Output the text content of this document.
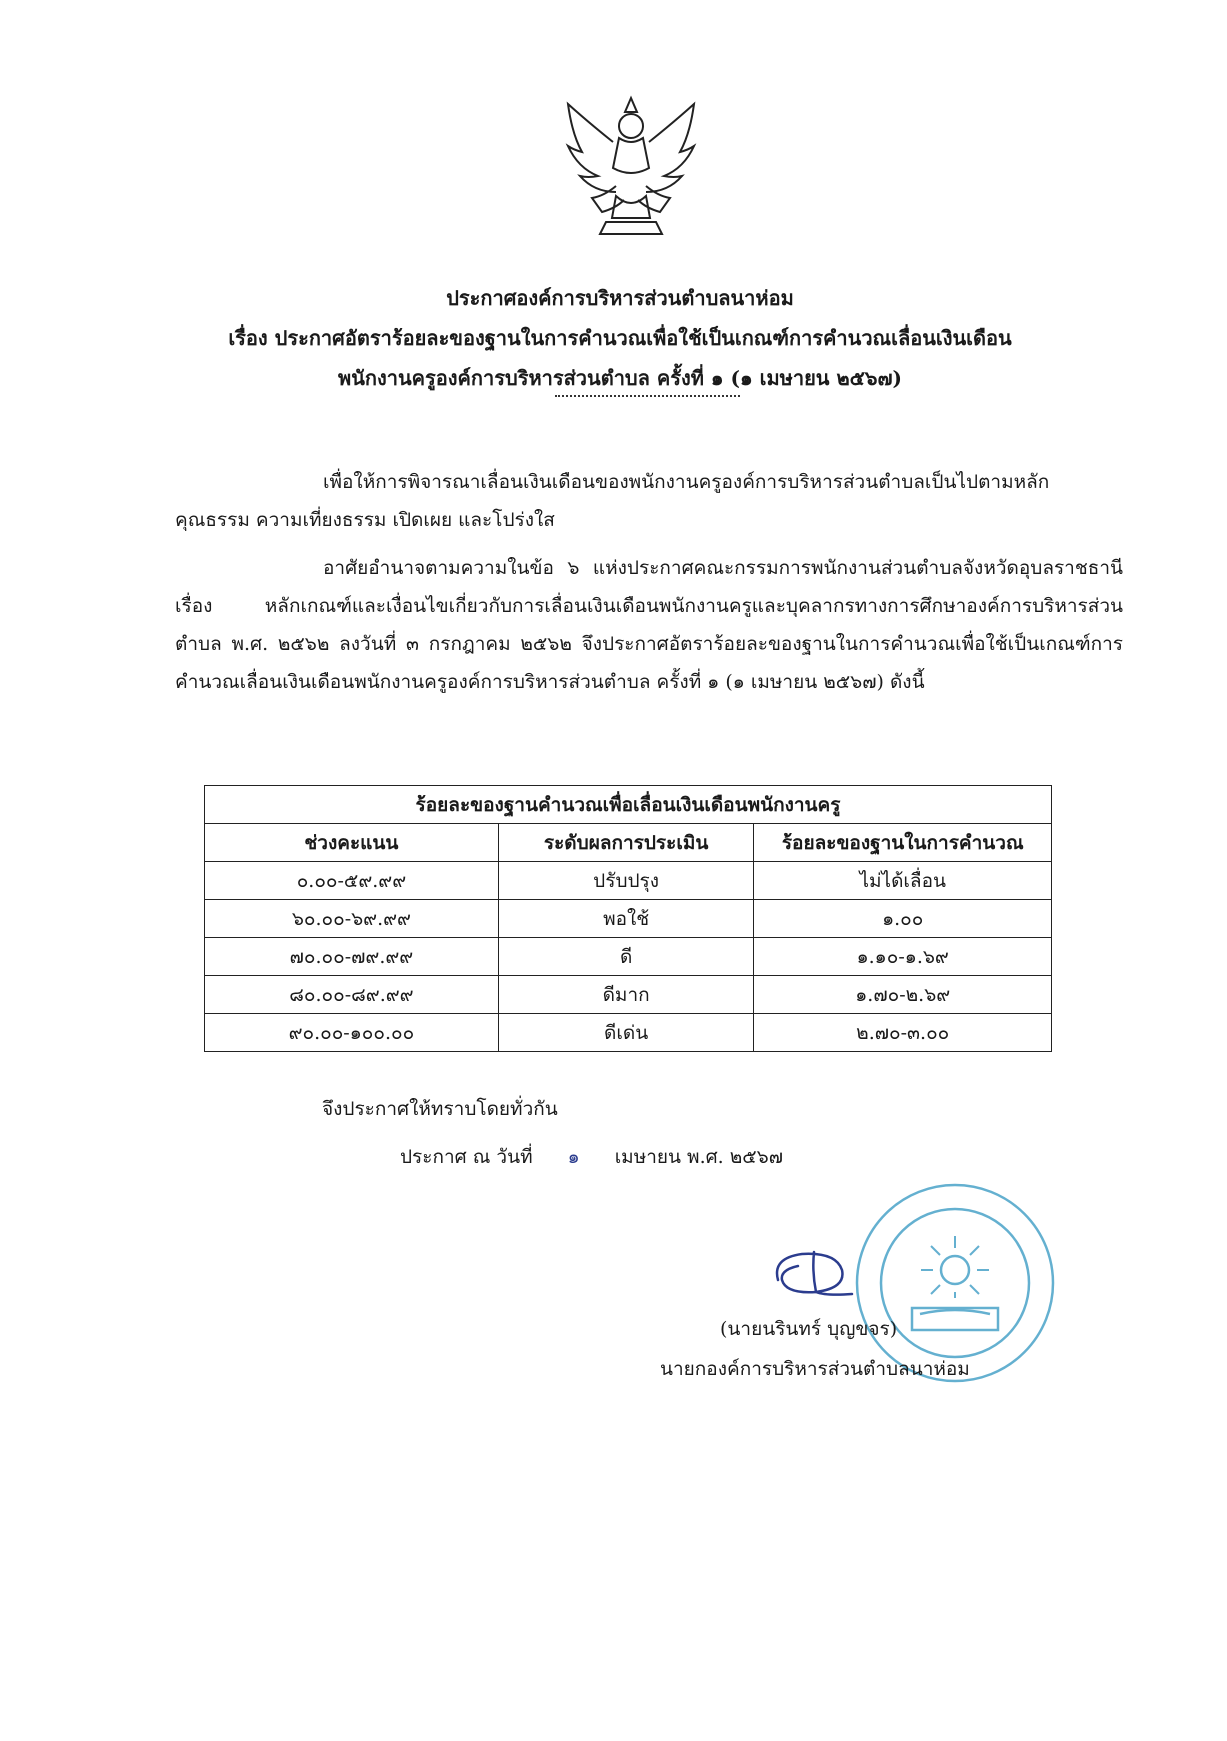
ประกาศองค์การบริหารส่วนตำบลนาห่อม
เรื่อง ประกาศอัตราร้อยละของฐานในการคำนวณเพื่อใช้เป็นเกณฑ์การคำนวณเลื่อนเงินเดือน
พนักงานครูองค์การบริหารส่วนตำบล ครั้งที่ ๑ (๑ เมษายน ๒๕๖๗)
เพื่อให้การพิจารณาเลื่อนเงินเดือนของพนักงานครูองค์การบริหารส่วนตำบลเป็นไปตามหลักคุณธรรม ความเที่ยงธรรม เปิดเผย และโปร่งใส
อาศัยอำนาจตามความในข้อ ๖ แห่งประกาศคณะกรรมการพนักงานส่วนตำบลจังหวัดอุบลราชธานี เรื่อง หลักเกณฑ์และเงื่อนไขเกี่ยวกับการเลื่อนเงินเดือนพนักงานครูและบุคลากรทางการศึกษาองค์การบริหารส่วนตำบล พ.ศ. ๒๕๖๒ ลงวันที่ ๓ กรกฎาคม ๒๕๖๒ จึงประกาศอัตราร้อยละของฐานในการคำนวณเพื่อใช้เป็นเกณฑ์การคำนวณเลื่อนเงินเดือนพนักงานครูองค์การบริหารส่วนตำบล ครั้งที่ ๑ (๑ เมษายน ๒๕๖๗) ดังนี้
ร้อยละของฐานคำนวณเพื่อเลื่อนเงินเดือนพนักงานครู		
ช่วงคะแนน	ระดับผลการประเมิน	ร้อยละของฐานในการคำนวณ
๐.๐๐-๕๙.๙๙	ปรับปรุง	ไม่ได้เลื่อน
๖๐.๐๐-๖๙.๙๙	พอใช้	๑.๐๐
๗๐.๐๐-๗๙.๙๙	ดี	๑.๑๐-๑.๖๙
๘๐.๐๐-๘๙.๙๙	ดีมาก	๑.๗๐-๒.๖๙
๙๐.๐๐-๑๐๐.๐๐	ดีเด่น	๒.๗๐-๓.๐๐
จึงประกาศให้ทราบโดยทั่วกัน
ประกาศ ณ วันที่ ๑ เมษายน พ.ศ. ๒๕๖๗
(นายนรินทร์ บุญขจร)
นายกองค์การบริหารส่วนตำบลนาห่อม
